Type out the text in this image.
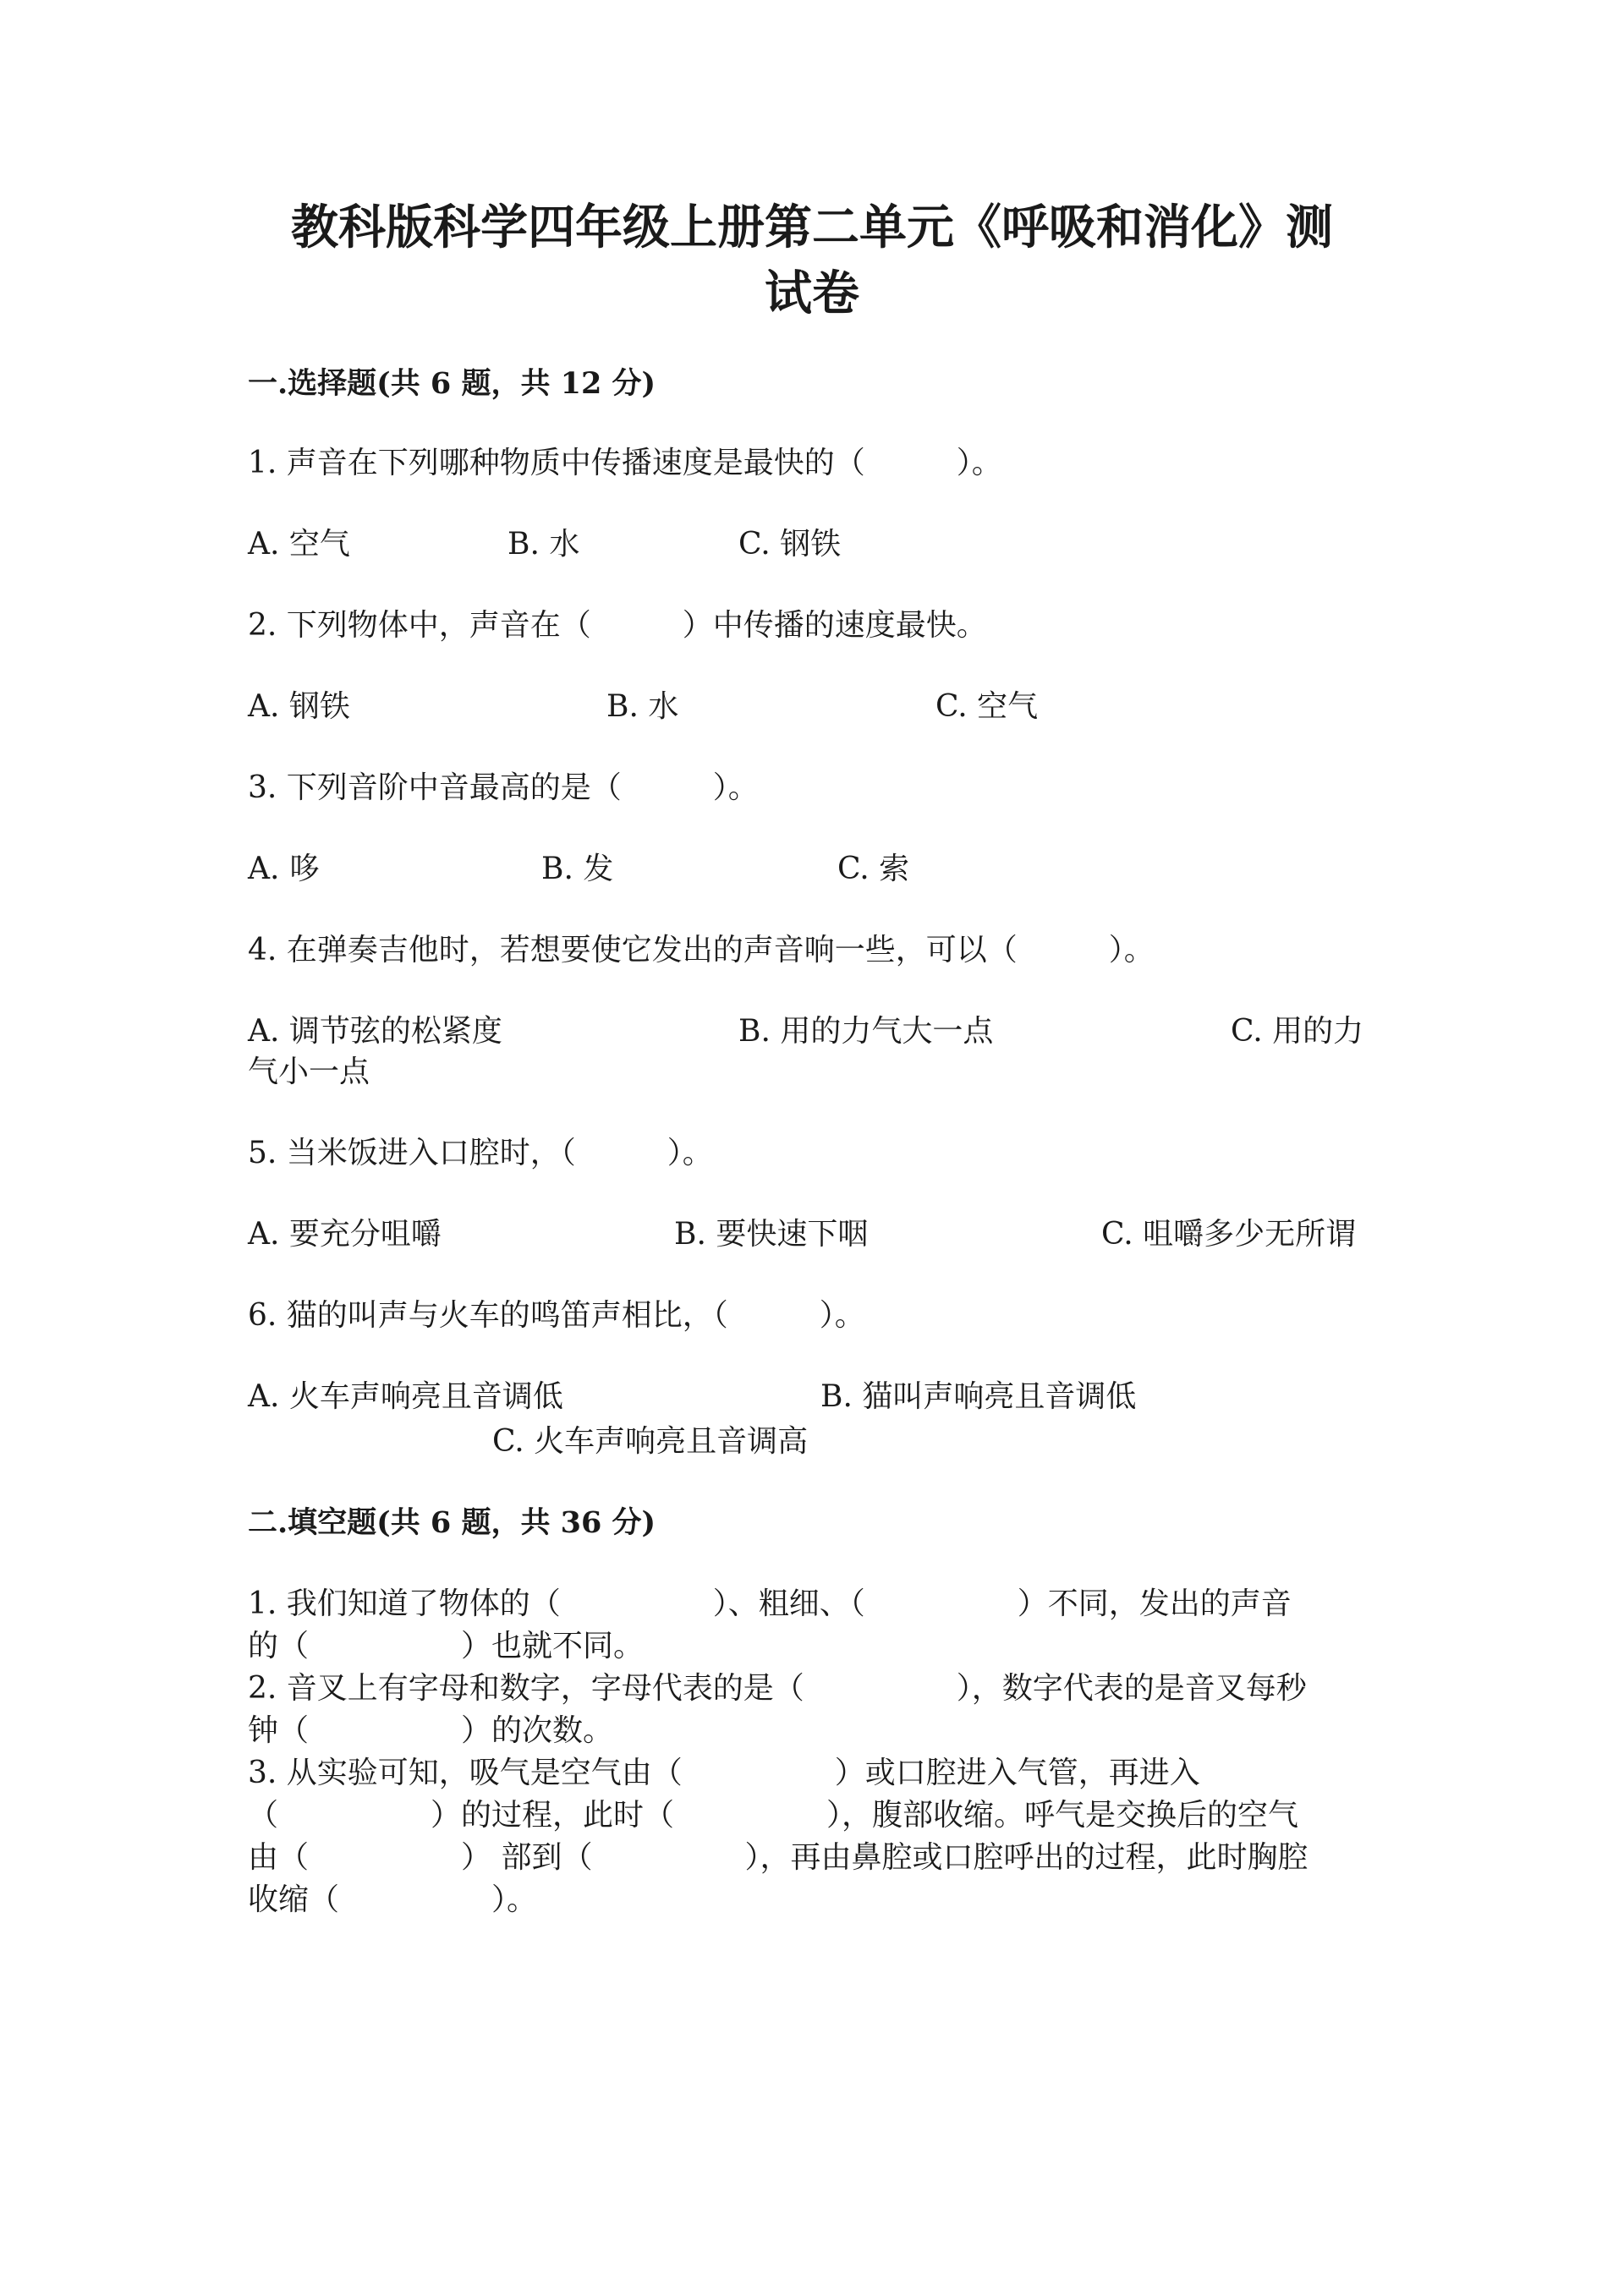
教科版科学四年级上册第二单元《呼吸和消化》测
试卷
一.选择题(共 6 题，共 12 分)
1. 声音在下列哪种物质中传播速度是最快的（　　　）。
A. 空气	B. 水	C. 钢铁
2. 下列物体中，声音在（　　　）中传播的速度最快。
A. 钢铁	B. 水	C. 空气
3. 下列音阶中音最高的是（　　　）。
A. 哆	B. 发	C. 索
4. 在弹奏吉他时，若想要使它发出的声音响一些，可以（　　　）。
A. 调节弦的松紧度	B. 用的力气大一点	C. 用的力
气小一点
5. 当米饭进入口腔时，（　　　）。
A. 要充分咀嚼	B. 要快速下咽	C. 咀嚼多少无所谓
6. 猫的叫声与火车的鸣笛声相比，（　　　）。
A. 火车声响亮且音调低	B. 猫叫声响亮且音调低
C. 火车声响亮且音调高
二.填空题(共 6 题，共 36 分)
1. 我们知道了物体的（　　　　　）、粗细、（　　　　　）不同，发出的声音
的（　　　　　）也就不同。
2. 音叉上有字母和数字，字母代表的是（　　　　　），数字代表的是音叉每秒
钟（　　　　　）的次数。
3. 从实验可知，吸气是空气由（　　　　　）或口腔进入气管，再进入
（　　　　　）的过程，此时（　　　　　），腹部收缩。呼气是交换后的空气
由（　　　　　） 部到（　　　　　），再由鼻腔或口腔呼出的过程，此时胸腔
收缩（　　　　　）。
